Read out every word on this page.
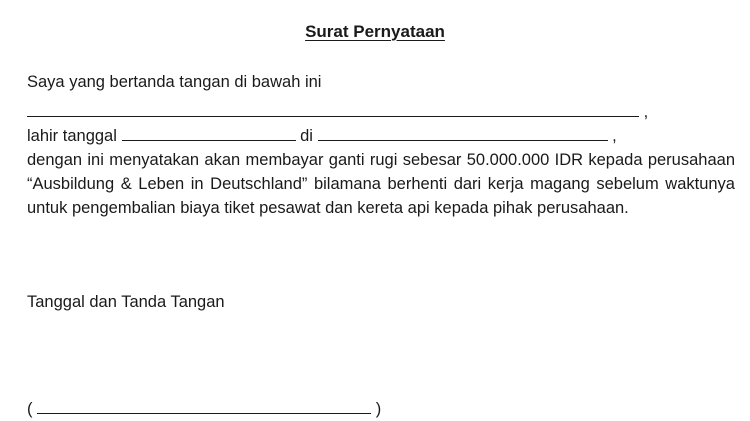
Surat Pernyataan
Saya yang bertanda tangan di bawah ini
,
lahir tanggal	di	,
dengan ini menyatakan akan membayar ganti rugi sebesar 50.000.000 IDR kepada perusahaan “Ausbildung & Leben in Deutschland” bilamana berhenti dari kerja magang sebelum waktunya untuk pengembalian biaya tiket pesawat dan kereta api kepada pihak perusahaan.
Tanggal dan Tanda Tangan
(	)
